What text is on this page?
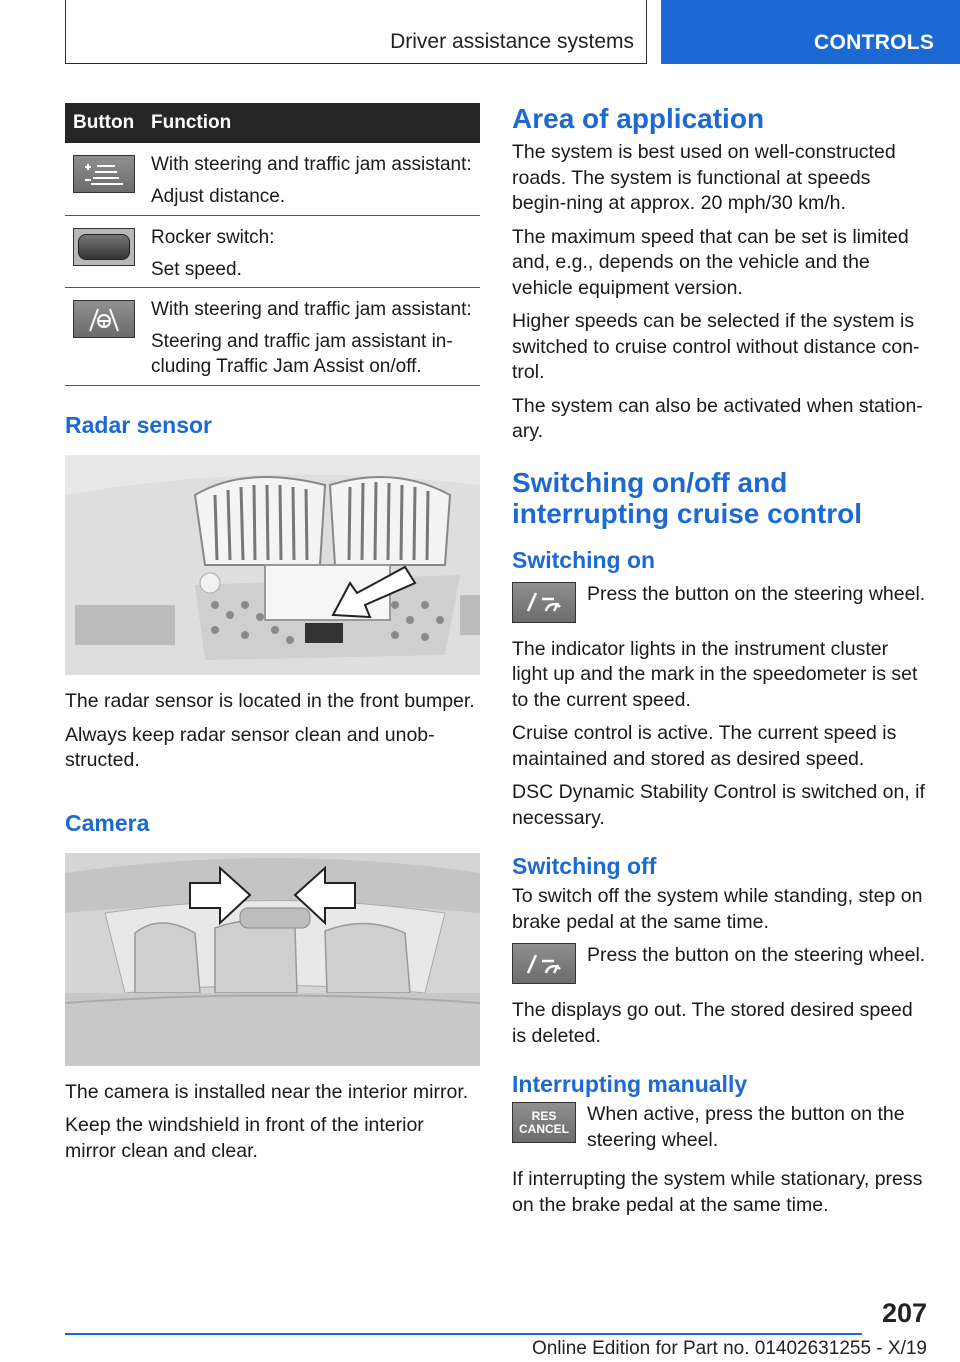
Driver assistance systems	CONTROLS
Button Function

With steering and traffic jam assistant:

Adjust distance.

Rocker switch:

Set speed.

With steering and traffic jam assistant:

Steering and traffic jam assistant in-cluding Traffic Jam Assist on/off.

Radar sensor

The radar sensor is located in the front bumper.

Always keep radar sensor clean and unob-structed.

Camera

The camera is installed near the interior mirror.

Keep the windshield in front of the interior mirror clean and clear.

Area of application

The system is best used on well-constructed roads. The system is functional at speeds begin-ning at approx. 20 mph/30 km/h.

The maximum speed that can be set is limited and, e.g., depends on the vehicle and the vehicle equipment version.

Higher speeds can be selected if the system is switched to cruise control without distance con-trol.

The system can also be activated when station-ary.

Switching on/off and interrupting cruise control
Switching on

Press the button on the steering wheel.

The indicator lights in the instrument cluster light up and the mark in the speedometer is set to the current speed.

Cruise control is active. The current speed is maintained and stored as desired speed.

DSC Dynamic Stability Control is switched on, if necessary.

Switching off

To switch off the system while standing, step on brake pedal at the same time.

Press the button on the steering wheel.

The displays go out. The stored desired speed is deleted.

Interrupting manually
RES
CANCEL

When active, press the button on the steering wheel.

If interrupting the system while stationary, press on the brake pedal at the same time.

207
Online Edition for Part no. 01402631255 - X/19
